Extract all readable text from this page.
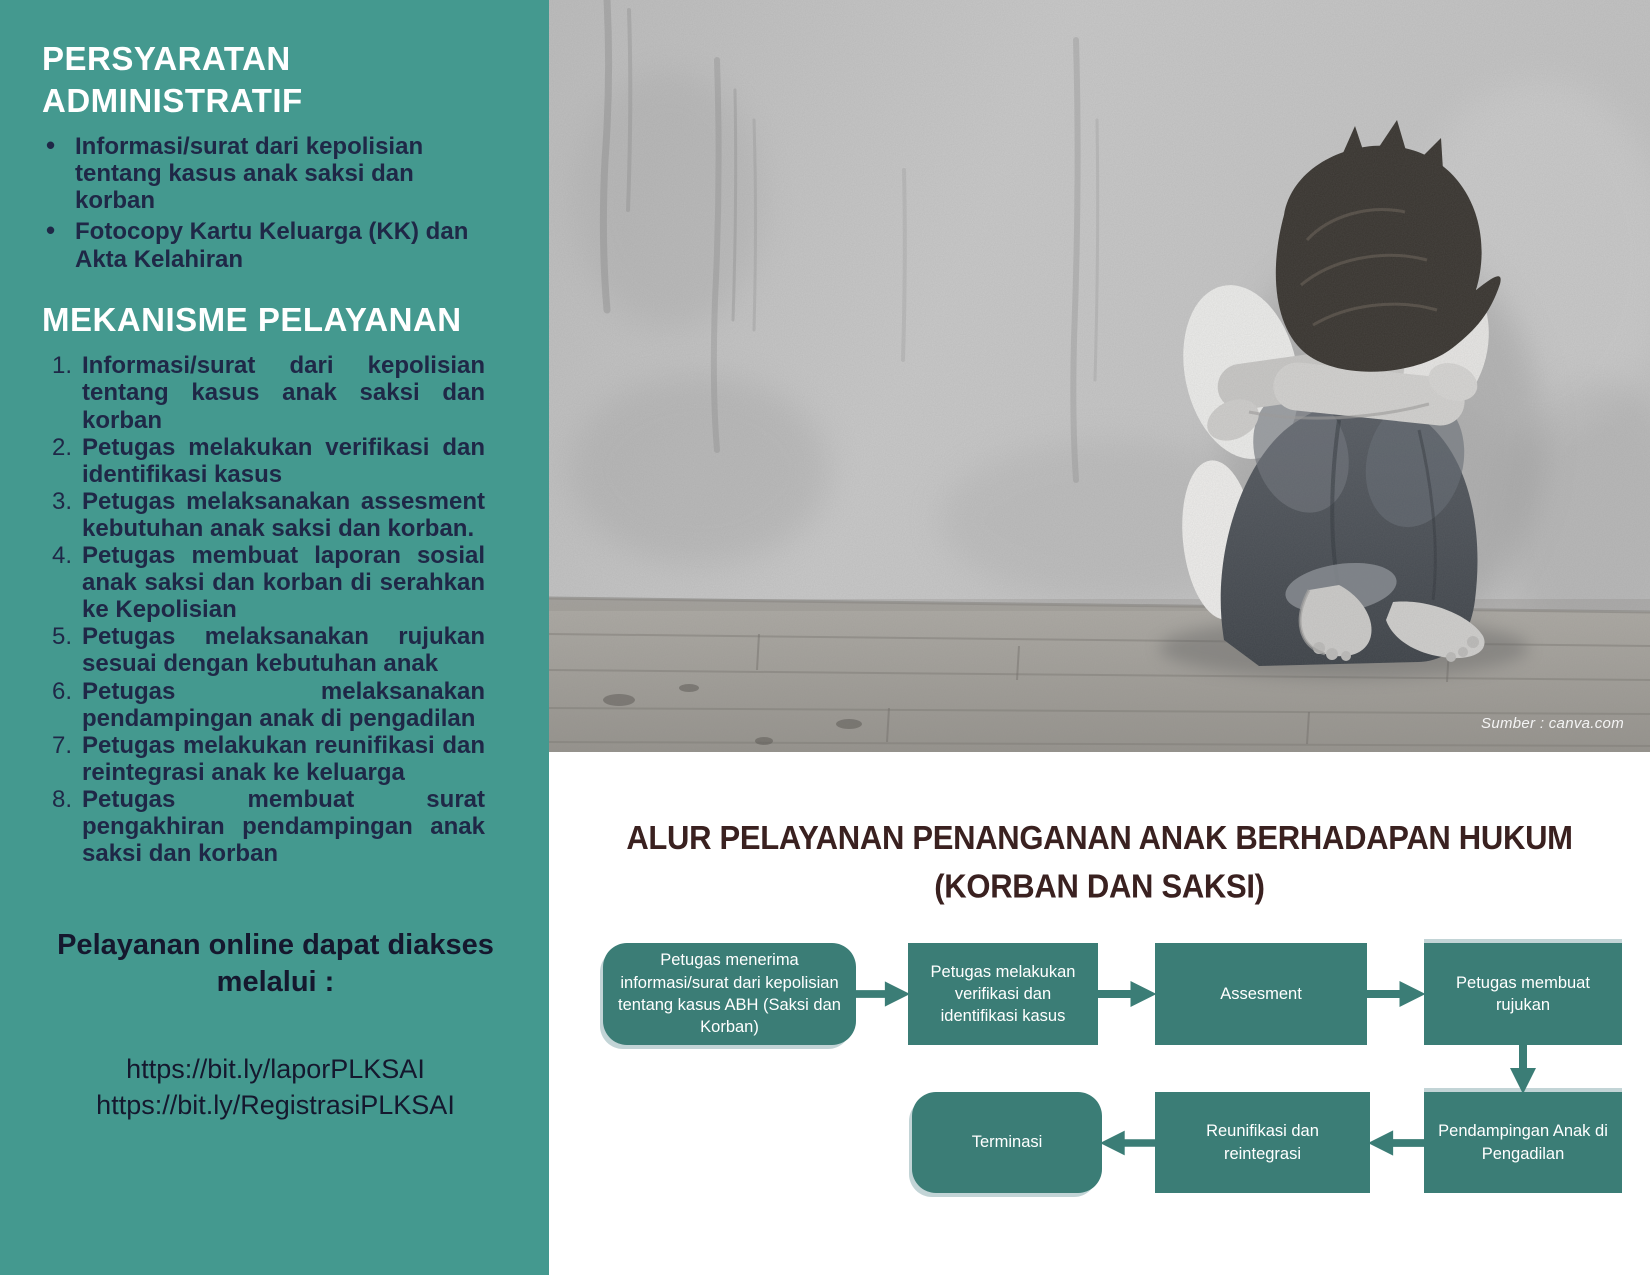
PERSYARATAN ADMINISTRATIF
• Informasi/surat dari kepolisian tentang kasus anak saksi dan korban
• Fotocopy Kartu Keluarga (KK) dan Akta Kelahiran
MEKANISME PELAYANAN
1. Informasi/surat dari kepolisian tentang kasus anak saksi dan korban
2. Petugas melakukan verifikasi dan identifikasi kasus
3. Petugas melaksanakan assesment kebutuhan anak saksi dan korban.
4. Petugas membuat laporan sosial anak saksi dan korban di serahkan ke Kepolisian
5. Petugas melaksanakan rujukan sesuai dengan kebutuhan anak
6. Petugas melaksanakan pendampingan anak di pengadilan
7. Petugas melakukan reunifikasi dan reintegrasi anak ke keluarga
8. Petugas membuat surat pengakhiran pendampingan anak saksi dan korban

Pelayanan online dapat diakses melalui :

https://bit.ly/laporPLKSAI
https://bit.ly/RegistrasiPLKSAI
Sumber : canva.com
ALUR PELAYANAN PENANGANAN ANAK BERHADAPAN HUKUM
(KORBAN DAN SAKSI)
Petugas menerima informasi/surat dari kepolisian tentang kasus ABH (Saksi dan Korban)
Petugas melakukan verifikasi dan identifikasi kasus
Assesment
Petugas membuat rujukan
Terminasi
Reunifikasi dan reintegrasi
Pendampingan Anak di Pengadilan
